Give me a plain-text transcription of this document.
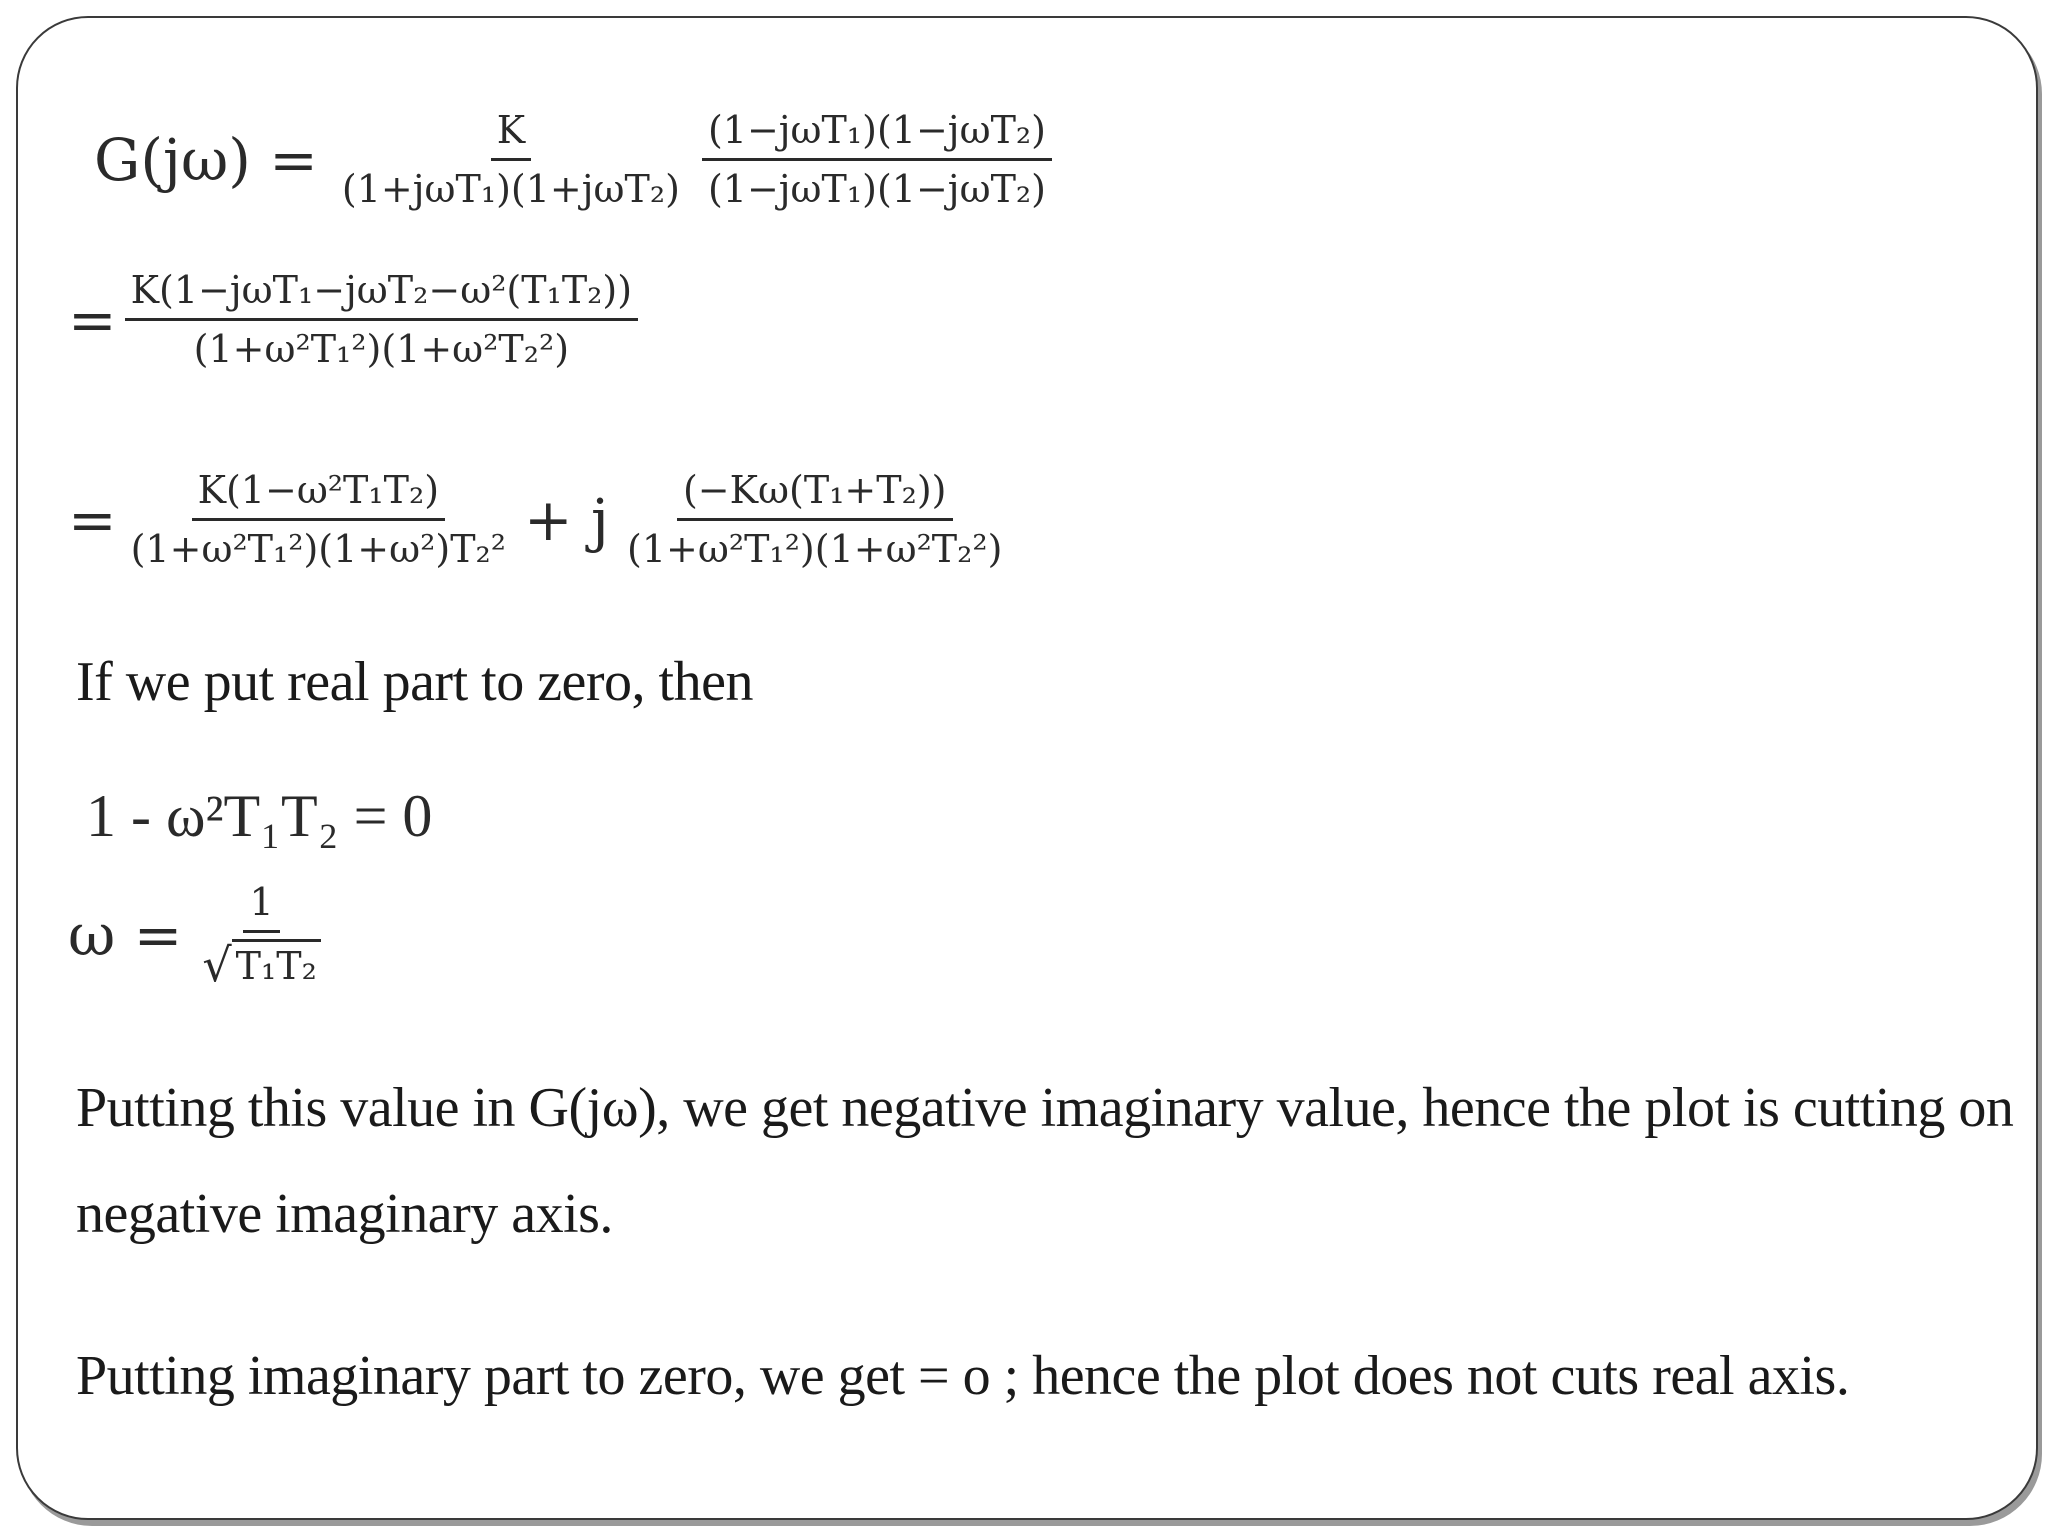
$G(j\omega) = \frac{K}{\text{(1+jωT₁)(1+jωT₂)}} \frac{\text{(1−jωT₁)(1−jωT₂)}}{\text{(1−jωT₁)(1−jωT₂)}}$
= $\frac{\text{K(1−jωT₁−jωT₂−ω²(T₁T₂))}}{\text{(1+ω²T₁²)(1+ω²T₂²)}}$
= $\frac{\text{K(1−ω²T₁T₂)}}{\text{(1+ω²T₁²)(1+ω²)T₂²}} + j \frac{\text{(−Kω(T₁+T₂))}}{\text{(1+ω²T₁²)(1+ω²T₂²)}}$
If we put real part to zero, then
1 - ω²T₁T₂ = 0
$\omega = \frac{1}{\text{√ T₁T₂}}$
Putting this value in G(jω), we get negative imaginary value, hence the plot is cutting on
negative imaginary axis.
Putting imaginary part to zero, we get = o ; hence the plot does not cuts real axis.
